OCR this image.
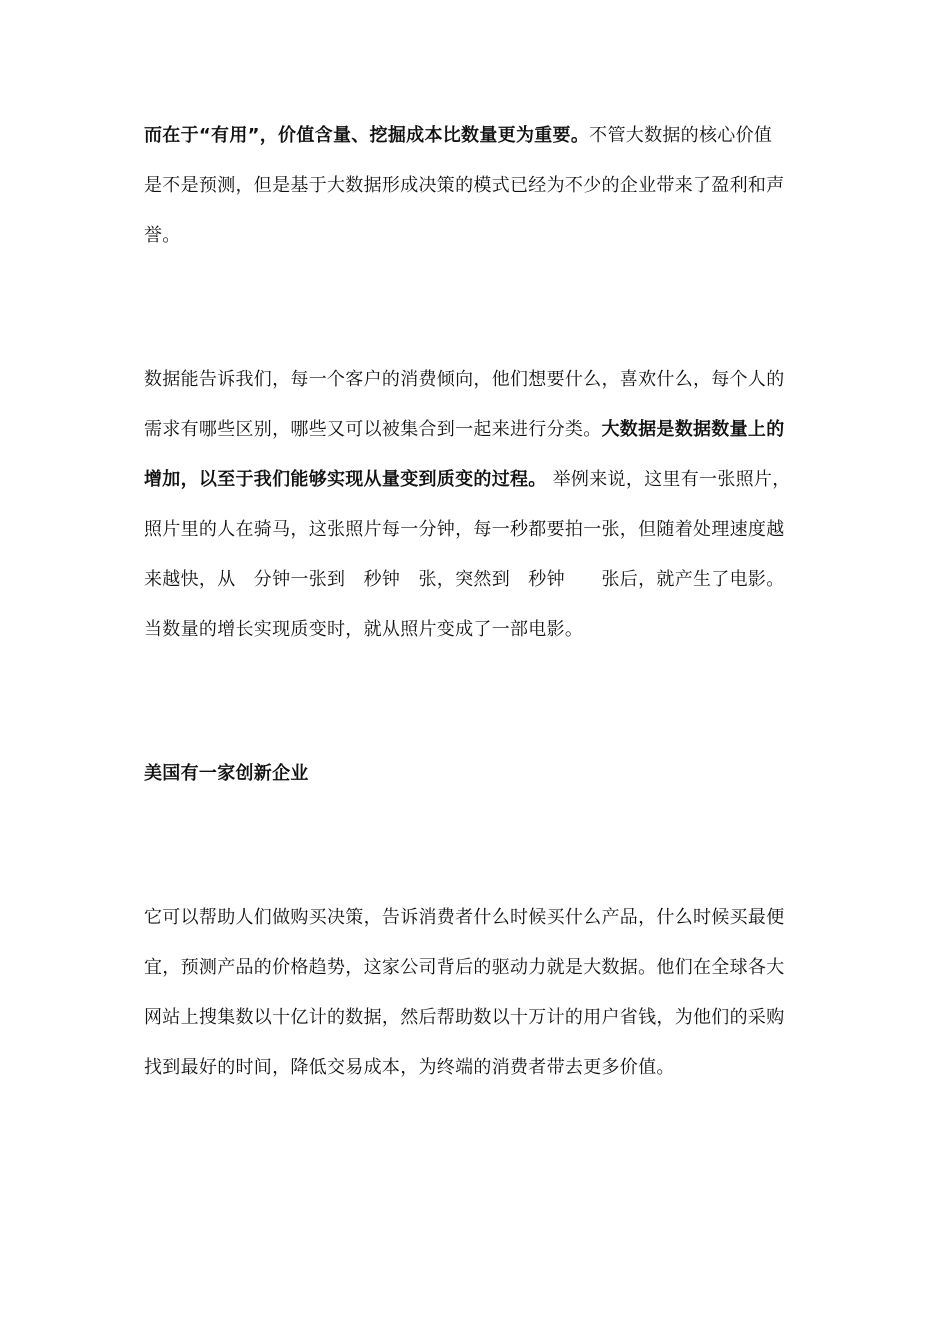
而在于“有用”，价值含量、挖掘成本比数量更为重要。不管大数据的核心价值
是不是预测，但是基于大数据形成决策的模式已经为不少的企业带来了盈利和声
誉。
数据能告诉我们，每一个客户的消费倾向，他们想要什么，喜欢什么，每个人的
需求有哪些区别，哪些又可以被集合到一起来进行分类。大数据是数据数量上的
增加，以至于我们能够实现从量变到质变的过程。 举例来说，这里有一张照片，
照片里的人在骑马，这张照片每一分钟，每一秒都要拍一张，但随着处理速度越
来越快，从　分钟一张到　秒钟　张，突然到　秒钟　　张后，就产生了电影。
当数量的增长实现质变时，就从照片变成了一部电影。
美国有一家创新企业
它可以帮助人们做购买决策，告诉消费者什么时候买什么产品，什么时候买最便
宜，预测产品的价格趋势，这家公司背后的驱动力就是大数据。他们在全球各大
网站上搜集数以十亿计的数据，然后帮助数以十万计的用户省钱，为他们的采购
找到最好的时间，降低交易成本，为终端的消费者带去更多价值。
